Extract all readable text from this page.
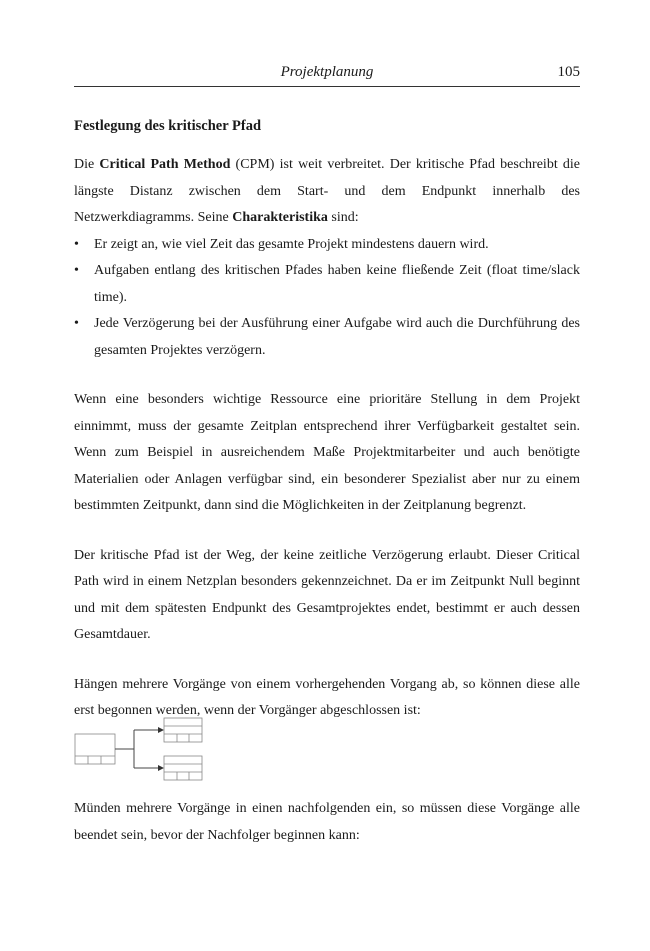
Projektplanung	105
Festlegung des kritischer Pfad

Die Critical Path Method (CPM) ist weit verbreitet. Der kritische Pfad beschreibt die längste Distanz zwischen dem Start- und dem Endpunkt innerhalb des Netzwerkdiagramms. Seine Charakteristika sind:

• Er zeigt an, wie viel Zeit das gesamte Projekt mindestens dauern wird.
• Aufgaben entlang des kritischen Pfades haben keine fließende Zeit (float time/slack time).
• Jede Verzögerung bei der Ausführung einer Aufgabe wird auch die Durchführung des gesamten Projektes verzögern.

Wenn eine besonders wichtige Ressource eine prioritäre Stellung in dem Projekt einnimmt, muss der gesamte Zeitplan entsprechend ihrer Verfügbarkeit gestaltet sein. Wenn zum Beispiel in ausreichendem Maße Projektmitarbeiter und auch benötigte Materialien oder Anlagen verfügbar sind, ein besonderer Spezialist aber nur zu einem bestimmten Zeitpunkt, dann sind die Möglichkeiten in der Zeitplanung begrenzt.

Der kritische Pfad ist der Weg, der keine zeitliche Verzögerung erlaubt. Dieser Critical Path wird in einem Netzplan besonders gekennzeichnet. Da er im Zeitpunkt Null beginnt und mit dem spätesten Endpunkt des Gesamtprojektes endet, bestimmt er auch dessen Gesamtdauer.

Hängen mehrere Vorgänge von einem vorhergehenden Vorgang ab, so können diese alle erst begonnen werden, wenn der Vorgänger abgeschlossen ist:

Münden mehrere Vorgänge in einen nachfolgenden ein, so müssen diese Vorgänge alle beendet sein, bevor der Nachfolger beginnen kann:
